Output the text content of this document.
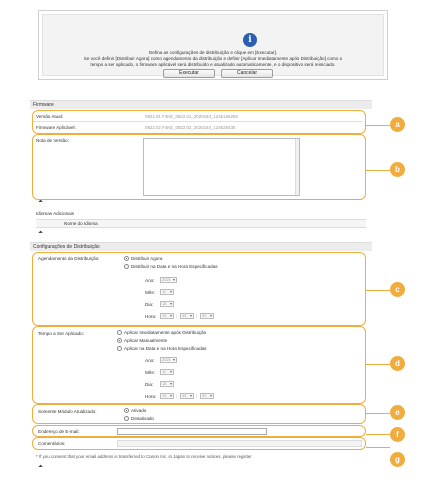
i
Defina as configurações de distribuição e clique em [Executar].
Se você definir [Distribuir Agora] como agendamento da distribuição e definir [Aplicar Imediatamente após Distribuição] como o
tempo a ser aplicado, o firmware aplicável será distribuído e atualizado automaticamente, e o dispositivo será reiniciado.
Executar	Cancelar
Firmware
Versão Atual:	0822.01 F4KE_0822.01_2020184_1246166269
Firmware Aplicável:	0822.02 F4KE_0822.02_2020184_124628435
Nota de Versão:
⏶
Idiomas Adicionais
Nome do Idioma
⏶
Configurações de Distribuição
Agendamento da Distribuição:	Distribuir Agora
Distribuir na Data e na Hora Especificadas
Ano:	2021 ▾
Mês:	11 ▾
Dia:	18 ▾
Hora:	15 ▾ :	45 ▾ :	32 ▾
Tempo a Ser Aplicado:	Aplicar Imediatamente após Distribuição
Aplicar Manualmente
Aplicar na Data e na Hora Especificadas
Ano:	2021 ▾
Mês:	11 ▾
Dia:	18 ▾
Hora:	15 ▾ :	45 ▾ :	32 ▾
Somente Módulo Atualizado:	Ativado
Desativado
Endereço de E-mail:
Comentários:
* If you consent that your email address is transferred to Canon Inc. in Japan to receive notices, please register
⏶
a
b
c
d
e
f
g
